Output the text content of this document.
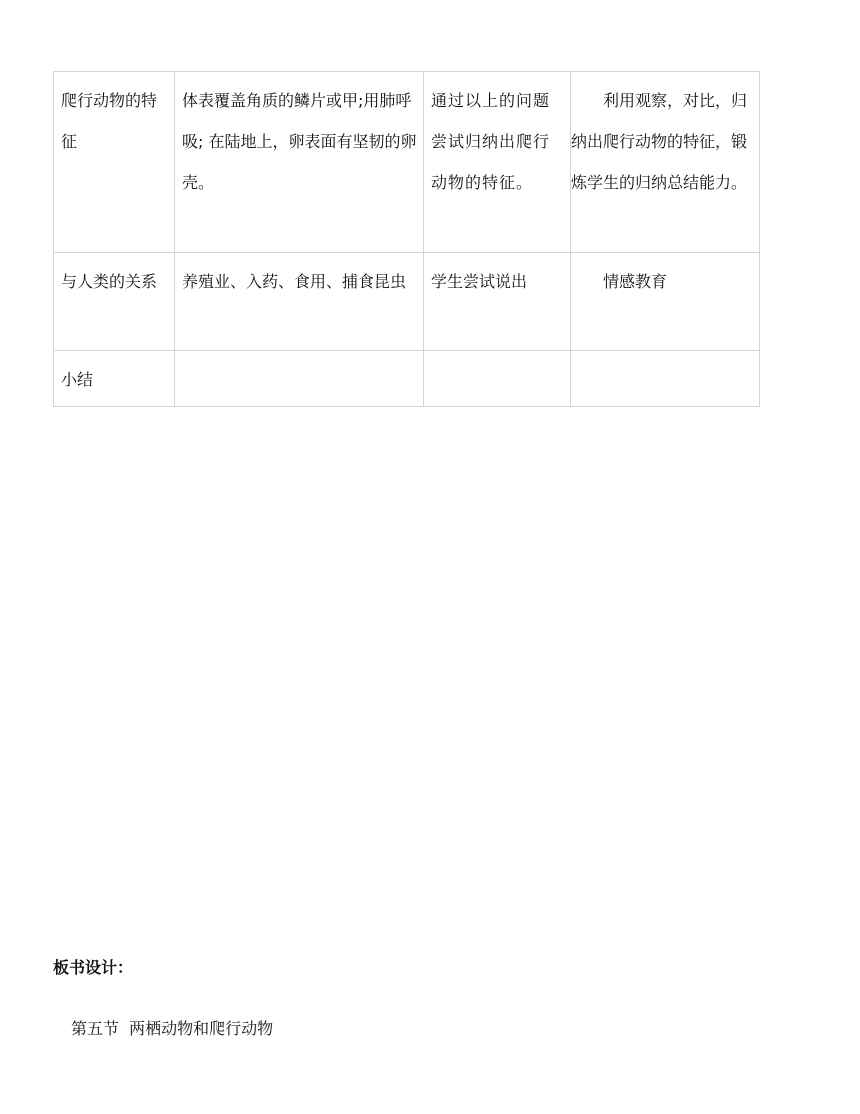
爬行动物的特征	体表覆盖角质的鳞片或甲;用肺呼吸; 在陆地上，卵表面有坚韧的卵壳。	通过以上的问题尝试归纳出爬行动物的特征。	利用观察，对比，归纳出爬行动物的特征，锻炼学生的归纳总结能力。

与人类的关系	养殖业、入药、食用、捕食昆虫	学生尝试说出	情感教育

小结			

板书设计：

第五节  两栖动物和爬行动物
